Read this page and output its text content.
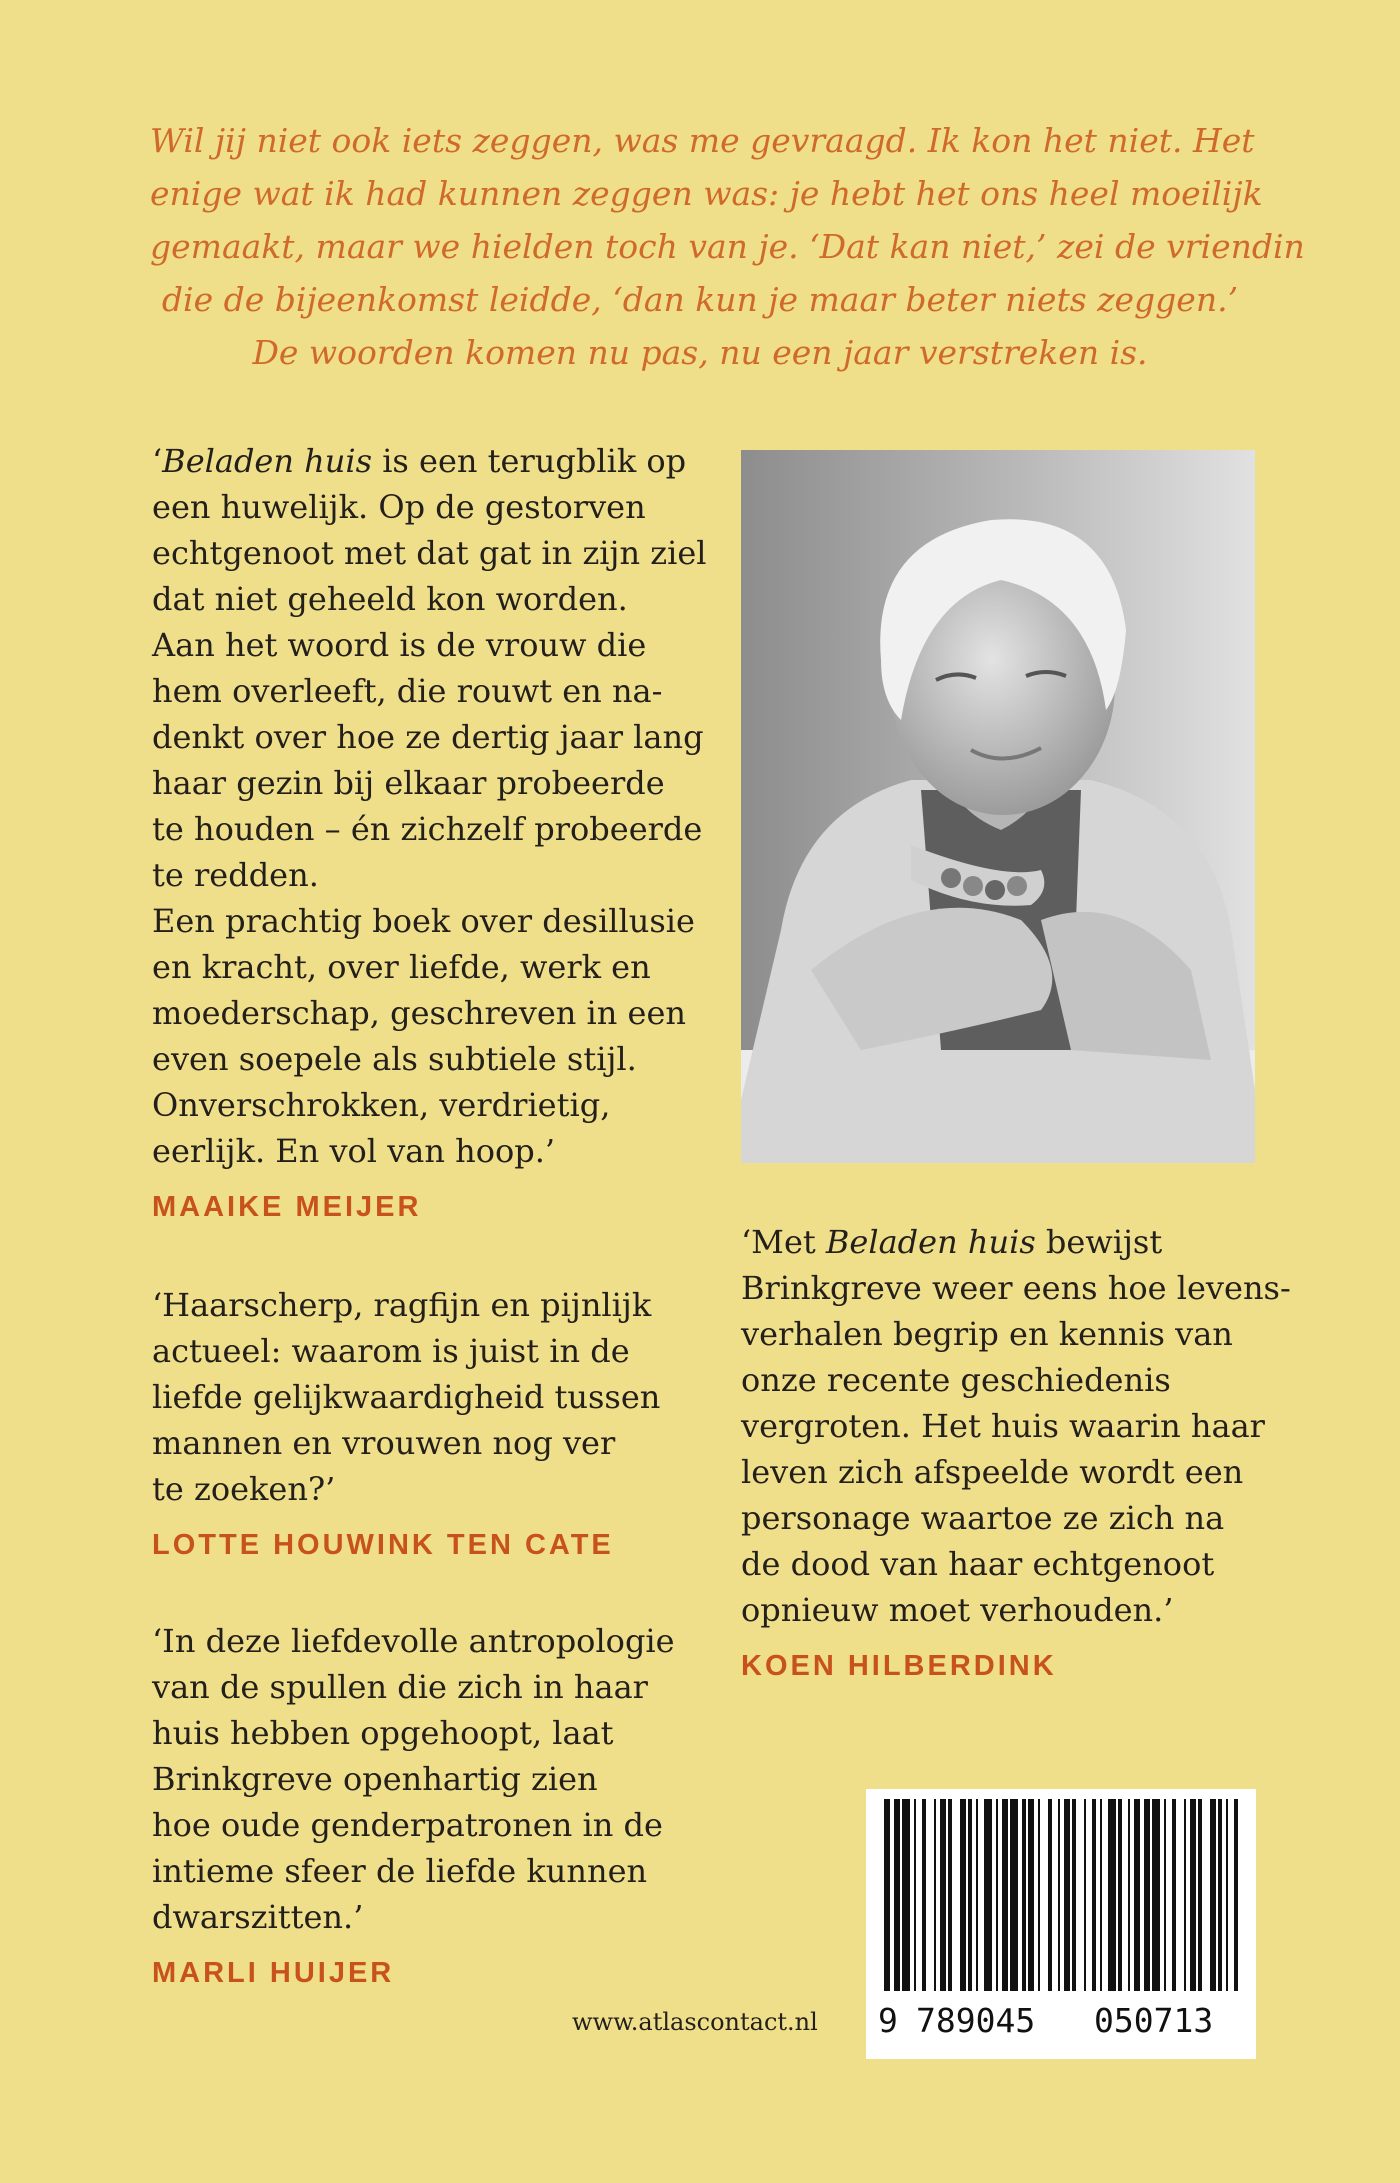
Wil jij niet ook iets zeggen, was me gevraagd. Ik kon het niet. Het
enige wat ik had kunnen zeggen was: je hebt het ons heel moeilijk
gemaakt, maar we hielden toch van je. ‘Dat kan niet,’ zei de vriendin
die de bijeenkomst leidde, ‘dan kun je maar beter niets zeggen.’
De woorden komen nu pas, nu een jaar verstreken is.
‘Beladen huis is een terugblik op
een huwelijk. Op de gestorven
echtgenoot met dat gat in zijn ziel
dat niet geheeld kon worden.
Aan het woord is de vrouw die
hem overleeft, die rouwt en na-
denkt over hoe ze dertig jaar lang
haar gezin bij elkaar probeerde
te houden – én zichzelf probeerde
te redden.
Een prachtig boek over desillusie
en kracht, over liefde, werk en
moederschap, geschreven in een
even soepele als subtiele stijl.
Onverschrokken, verdrietig,
eerlijk. En vol van hoop.’
MAAIKE MEIJER
‘Haarscherp, ragfijn en pijnlijk
actueel: waarom is juist in de
liefde gelijkwaardigheid tussen
mannen en vrouwen nog ver
te zoeken?’
LOTTE HOUWINK TEN CATE
‘In deze liefdevolle antropologie
van de spullen die zich in haar
huis hebben opgehoopt, laat
Brinkgreve openhartig zien
hoe oude genderpatronen in de
intieme sfeer de liefde kunnen
dwarszitten.’
MARLI HUIJER
‘Met Beladen huis bewijst
Brinkgreve weer eens hoe levens-
verhalen begrip en kennis van
onze recente geschiedenis
vergroten. Het huis waarin haar
leven zich afspeelde wordt een
personage waartoe ze zich na
de dood van haar echtgenoot
opnieuw moet verhouden.’
KOEN HILBERDINK
www.atlascontact.nl 9 789045 050713
